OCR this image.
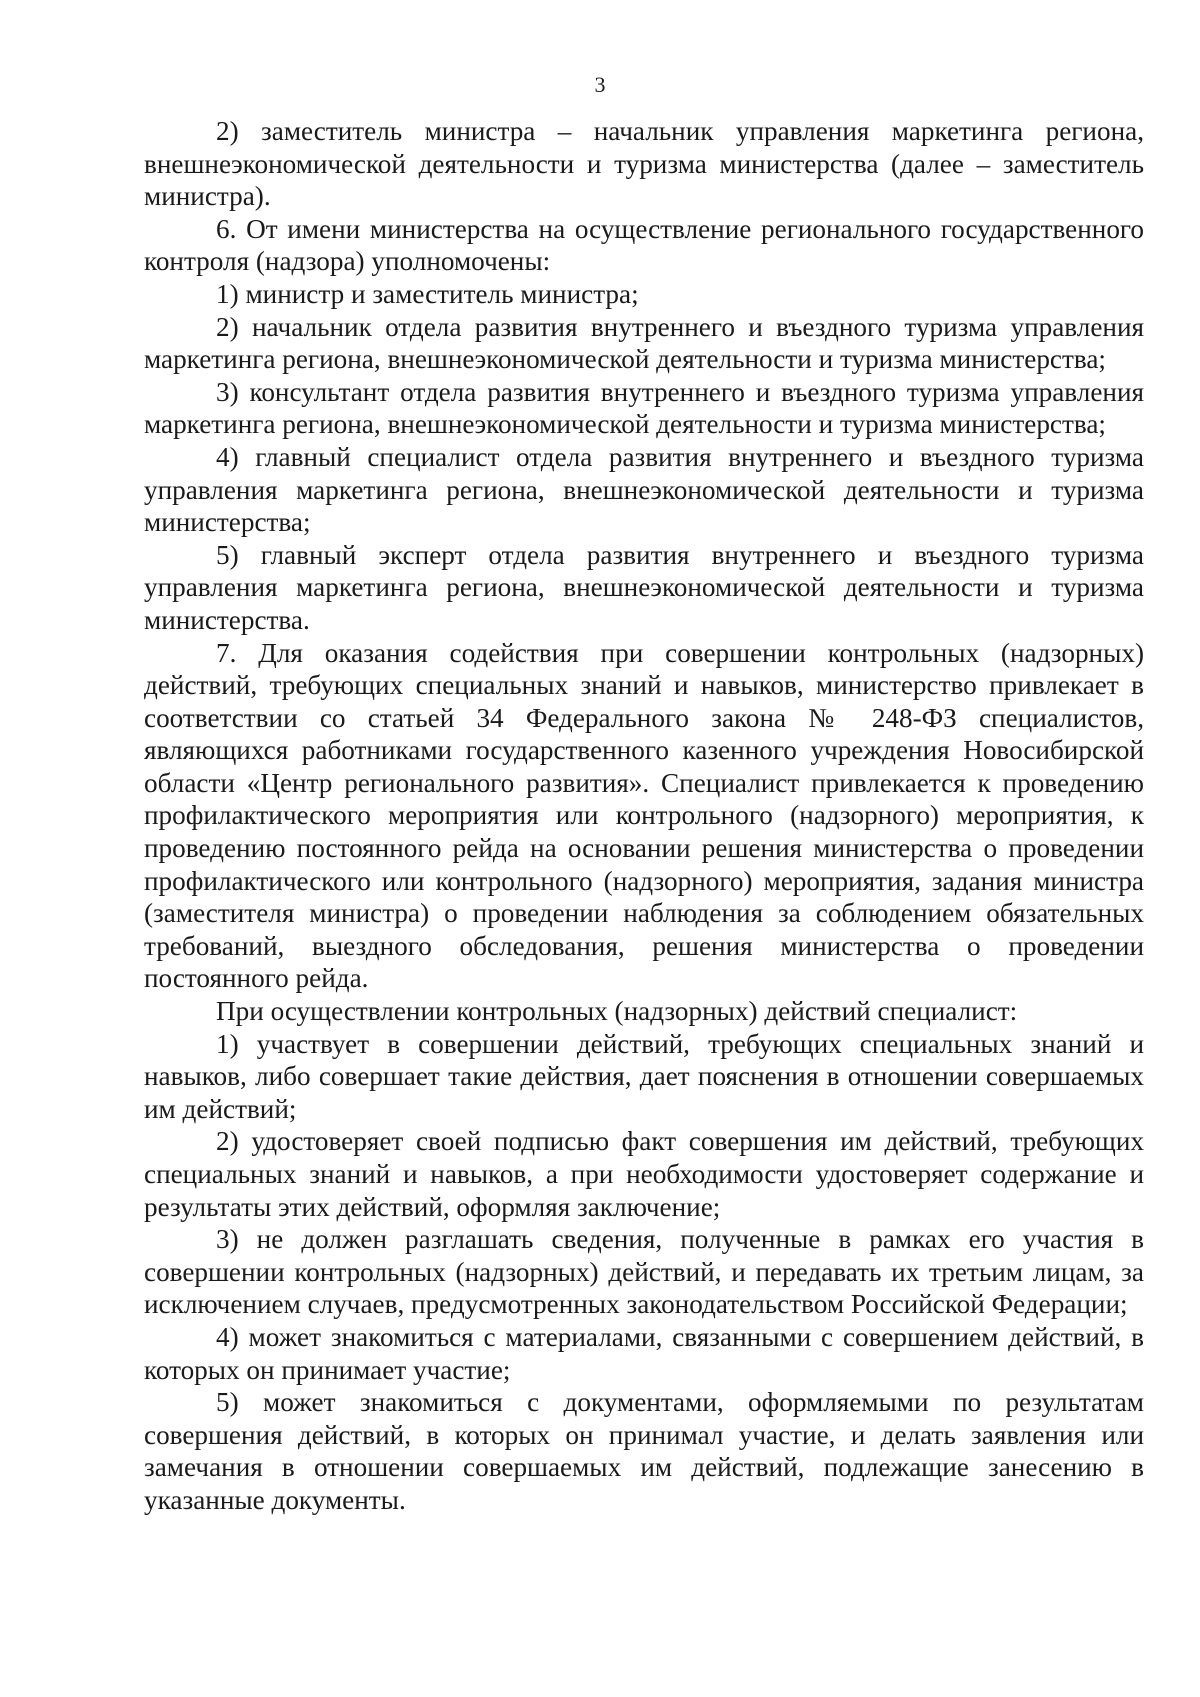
3

2) заместитель министра – начальник управления маркетинга региона, внешнеэкономической деятельности и туризма министерства (далее – заместитель министра).

6. От имени министерства на осуществление регионального государственного контроля (надзора) уполномочены:

1) министр и заместитель министра;

2) начальник отдела развития внутреннего и въездного туризма управления маркетинга региона, внешнеэкономической деятельности и туризма министерства;

3) консультант отдела развития внутреннего и въездного туризма управления маркетинга региона, внешнеэкономической деятельности и туризма министерства;

4) главный специалист отдела развития внутреннего и въездного туризма управления маркетинга региона, внешнеэкономической деятельности и туризма министерства;

5) главный эксперт отдела развития внутреннего и въездного туризма управления маркетинга региона, внешнеэкономической деятельности и туризма министерства.

7. Для оказания содействия при совершении контрольных (надзорных) действий, требующих специальных знаний и навыков, министерство привлекает в соответствии со статьей 34 Федерального закона № 248-ФЗ специалистов, являющихся работниками государственного казенного учреждения Новосибирской области «Центр регионального развития». Специалист привлекается к проведению профилактического мероприятия или контрольного (надзорного) мероприятия, к проведению постоянного рейда на основании решения министерства о проведении профилактического или контрольного (надзорного) мероприятия, задания министра (заместителя министра) о проведении наблюдения за соблюдением обязательных требований, выездного обследования, решения министерства о проведении постоянного рейда.

При осуществлении контрольных (надзорных) действий специалист:

1) участвует в совершении действий, требующих специальных знаний и навыков, либо совершает такие действия, дает пояснения в отношении совершаемых им действий;

2) удостоверяет своей подписью факт совершения им действий, требующих специальных знаний и навыков, а при необходимости удостоверяет содержание и результаты этих действий, оформляя заключение;

3) не должен разглашать сведения, полученные в рамках его участия в совершении контрольных (надзорных) действий, и передавать их третьим лицам, за исключением случаев, предусмотренных законодательством Российской Федерации;

4) может знакомиться с материалами, связанными с совершением действий, в которых он принимает участие;

5) может знакомиться с документами, оформляемыми по результатам совершения действий, в которых он принимал участие, и делать заявления или замечания в отношении совершаемых им действий, подлежащие занесению в указанные документы.
